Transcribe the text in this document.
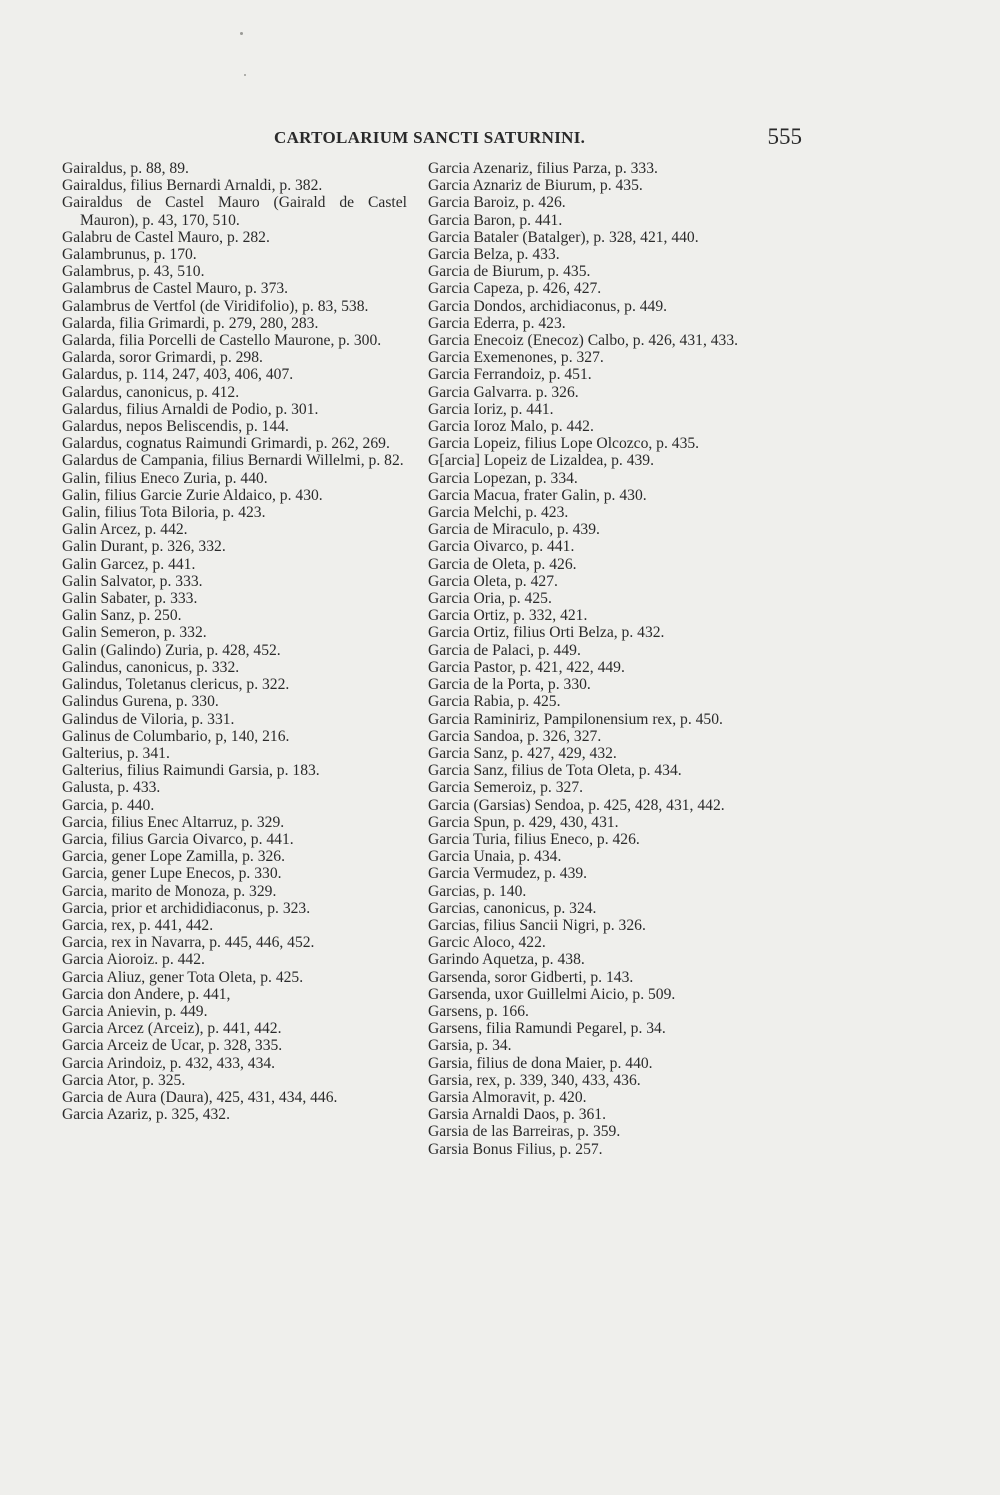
CARTOLARIUM SANCTI SATURNINI.	555

Gairaldus, p. 88, 89.

Gairaldus, filius Bernardi Arnaldi, p. 382.

Gairaldus de Castel Mauro (Gairald de Castel Mauron), p. 43, 170, 510.

Galabru de Castel Mauro, p. 282.

Galambrunus, p. 170.

Galambrus, p. 43, 510.

Galambrus de Castel Mauro, p. 373.

Galambrus de Vertfol (de Viridifolio), p. 83, 538.

Galarda, filia Grimardi, p. 279, 280, 283.

Galarda, filia Porcelli de Castello Maurone, p. 300.

Galarda, soror Grimardi, p. 298.

Galardus, p. 114, 247, 403, 406, 407.

Galardus, canonicus, p. 412.

Galardus, filius Arnaldi de Podio, p. 301.

Galardus, nepos Beliscendis, p. 144.

Galardus, cognatus Raimundi Grimardi, p. 262, 269.

Galardus de Campania, filius Bernardi Willelmi, p. 82.

Galin, filius Eneco Zuria, p. 440.

Galin, filius Garcie Zurie Aldaico, p. 430.

Galin, filius Tota Biloria, p. 423.

Galin Arcez, p. 442.

Galin Durant, p. 326, 332.

Galin Garcez, p. 441.

Galin Salvator, p. 333.

Galin Sabater, p. 333.

Galin Sanz, p. 250.

Galin Semeron, p. 332.

Galin (Galindo) Zuria, p. 428, 452.

Galindus, canonicus, p. 332.

Galindus, Toletanus clericus, p. 322.

Galindus Gurena, p. 330.

Galindus de Viloria, p. 331.

Galinus de Columbario, p, 140, 216.

Galterius, p. 341.

Galterius, filius Raimundi Garsia, p. 183.

Galusta, p. 433.

Garcia, p. 440.

Garcia, filius Enec Altarruz, p. 329.

Garcia, filius Garcia Oivarco, p. 441.

Garcia, gener Lope Zamilla, p. 326.

Garcia, gener Lupe Enecos, p. 330.

Garcia, marito de Monoza, p. 329.

Garcia, prior et archididiaconus, p. 323.

Garcia, rex, p. 441, 442.

Garcia, rex in Navarra, p. 445, 446, 452.

Garcia Aioroiz. p. 442.

Garcia Aliuz, gener Tota Oleta, p. 425.

Garcia don Andere, p. 441,

Garcia Anievin, p. 449.

Garcia Arcez (Arceiz), p. 441, 442.

Garcia Arceiz de Ucar, p. 328, 335.

Garcia Arindoiz, p. 432, 433, 434.

Garcia Ator, p. 325.

Garcia de Aura (Daura), 425, 431, 434, 446.

Garcia Azariz, p. 325, 432.

Garcia Azenariz, filius Parza, p. 333.

Garcia Aznariz de Biurum, p. 435.

Garcia Baroiz, p. 426.

Garcia Baron, p. 441.

Garcia Bataler (Batalger), p. 328, 421, 440.

Garcia Belza, p. 433.

Garcia de Biurum, p. 435.

Garcia Capeza, p. 426, 427.

Garcia Dondos, archidiaconus, p. 449.

Garcia Ederra, p. 423.

Garcia Enecoiz (Enecoz) Calbo, p. 426, 431, 433.

Garcia Exemenones, p. 327.

Garcia Ferrandoiz, p. 451.

Garcia Galvarra. p. 326.

Garcia Ioriz, p. 441.

Garcia Ioroz Malo, p. 442.

Garcia Lopeiz, filius Lope Olcozco, p. 435.

G[arcia] Lopeiz de Lizaldea, p. 439.

Garcia Lopezan, p. 334.

Garcia Macua, frater Galin, p. 430.

Garcia Melchi, p. 423.

Garcia de Miraculo, p. 439.

Garcia Oivarco, p. 441.

Garcia de Oleta, p. 426.

Garcia Oleta, p. 427.

Garcia Oria, p. 425.

Garcia Ortiz, p. 332, 421.

Garcia Ortiz, filius Orti Belza, p. 432.

Garcia de Palaci, p. 449.

Garcia Pastor, p. 421, 422, 449.

Garcia de la Porta, p. 330.

Garcia Rabia, p. 425.

Garcia Raminiriz, Pampilonensium rex, p. 450.

Garcia Sandoa, p. 326, 327.

Garcia Sanz, p. 427, 429, 432.

Garcia Sanz, filius de Tota Oleta, p. 434.

Garcia Semeroiz, p. 327.

Garcia (Garsias) Sendoa, p. 425, 428, 431, 442.

Garcia Spun, p. 429, 430, 431.

Garcia Turia, filius Eneco, p. 426.

Garcia Unaia, p. 434.

Garcia Vermudez, p. 439.

Garcias, p. 140.

Garcias, canonicus, p. 324.

Garcias, filius Sancii Nigri, p. 326.

Garcic Aloco, 422.

Garindo Aquetza, p. 438.

Garsenda, soror Gidberti, p. 143.

Garsenda, uxor Guillelmi Aicio, p. 509.

Garsens, p. 166.

Garsens, filia Ramundi Pegarel, p. 34.

Garsia, p. 34.

Garsia, filius de dona Maier, p. 440.

Garsia, rex, p. 339, 340, 433, 436.

Garsia Almoravit, p. 420.

Garsia Arnaldi Daos, p. 361.

Garsia de las Barreiras, p. 359.

Garsia Bonus Filius, p. 257.
